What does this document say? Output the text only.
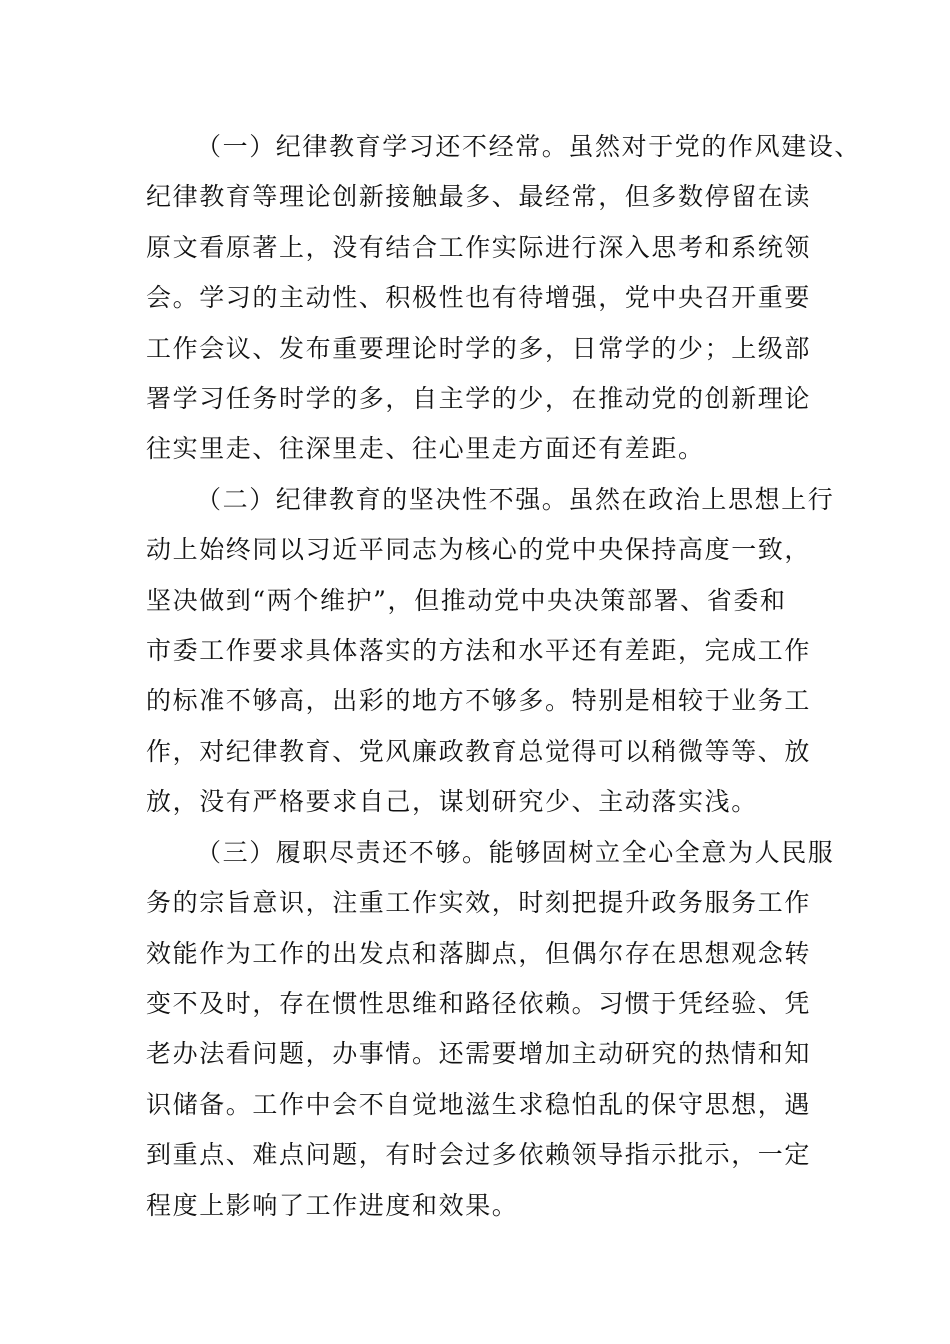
（一）纪律教育学习还不经常。虽然对于党的作风建设、
纪律教育等理论创新接触最多、最经常，但多数停留在读
原文看原著上，没有结合工作实际进行深入思考和系统领
会。学习的主动性、积极性也有待增强，党中央召开重要
工作会议、发布重要理论时学的多，日常学的少；上级部
署学习任务时学的多，自主学的少，在推动党的创新理论
往实里走、往深里走、往心里走方面还有差距。

（二）纪律教育的坚决性不强。虽然在政治上思想上行
动上始终同以习近平同志为核心的党中央保持高度一致，
坚决做到“两个维护”，但推动党中央决策部署、省委和
市委工作要求具体落实的方法和水平还有差距，完成工作
的标准不够高，出彩的地方不够多。特别是相较于业务工
作，对纪律教育、党风廉政教育总觉得可以稍微等等、放
放，没有严格要求自己，谋划研究少、主动落实浅。

（三）履职尽责还不够。能够固树立全心全意为人民服
务的宗旨意识，注重工作实效，时刻把提升政务服务工作
效能作为工作的出发点和落脚点，但偶尔存在思想观念转
变不及时，存在惯性思维和路径依赖。习惯于凭经验、凭
老办法看问题，办事情。还需要增加主动研究的热情和知
识储备。工作中会不自觉地滋生求稳怕乱的保守思想，遇
到重点、难点问题，有时会过多依赖领导指示批示，一定
程度上影响了工作进度和效果。
